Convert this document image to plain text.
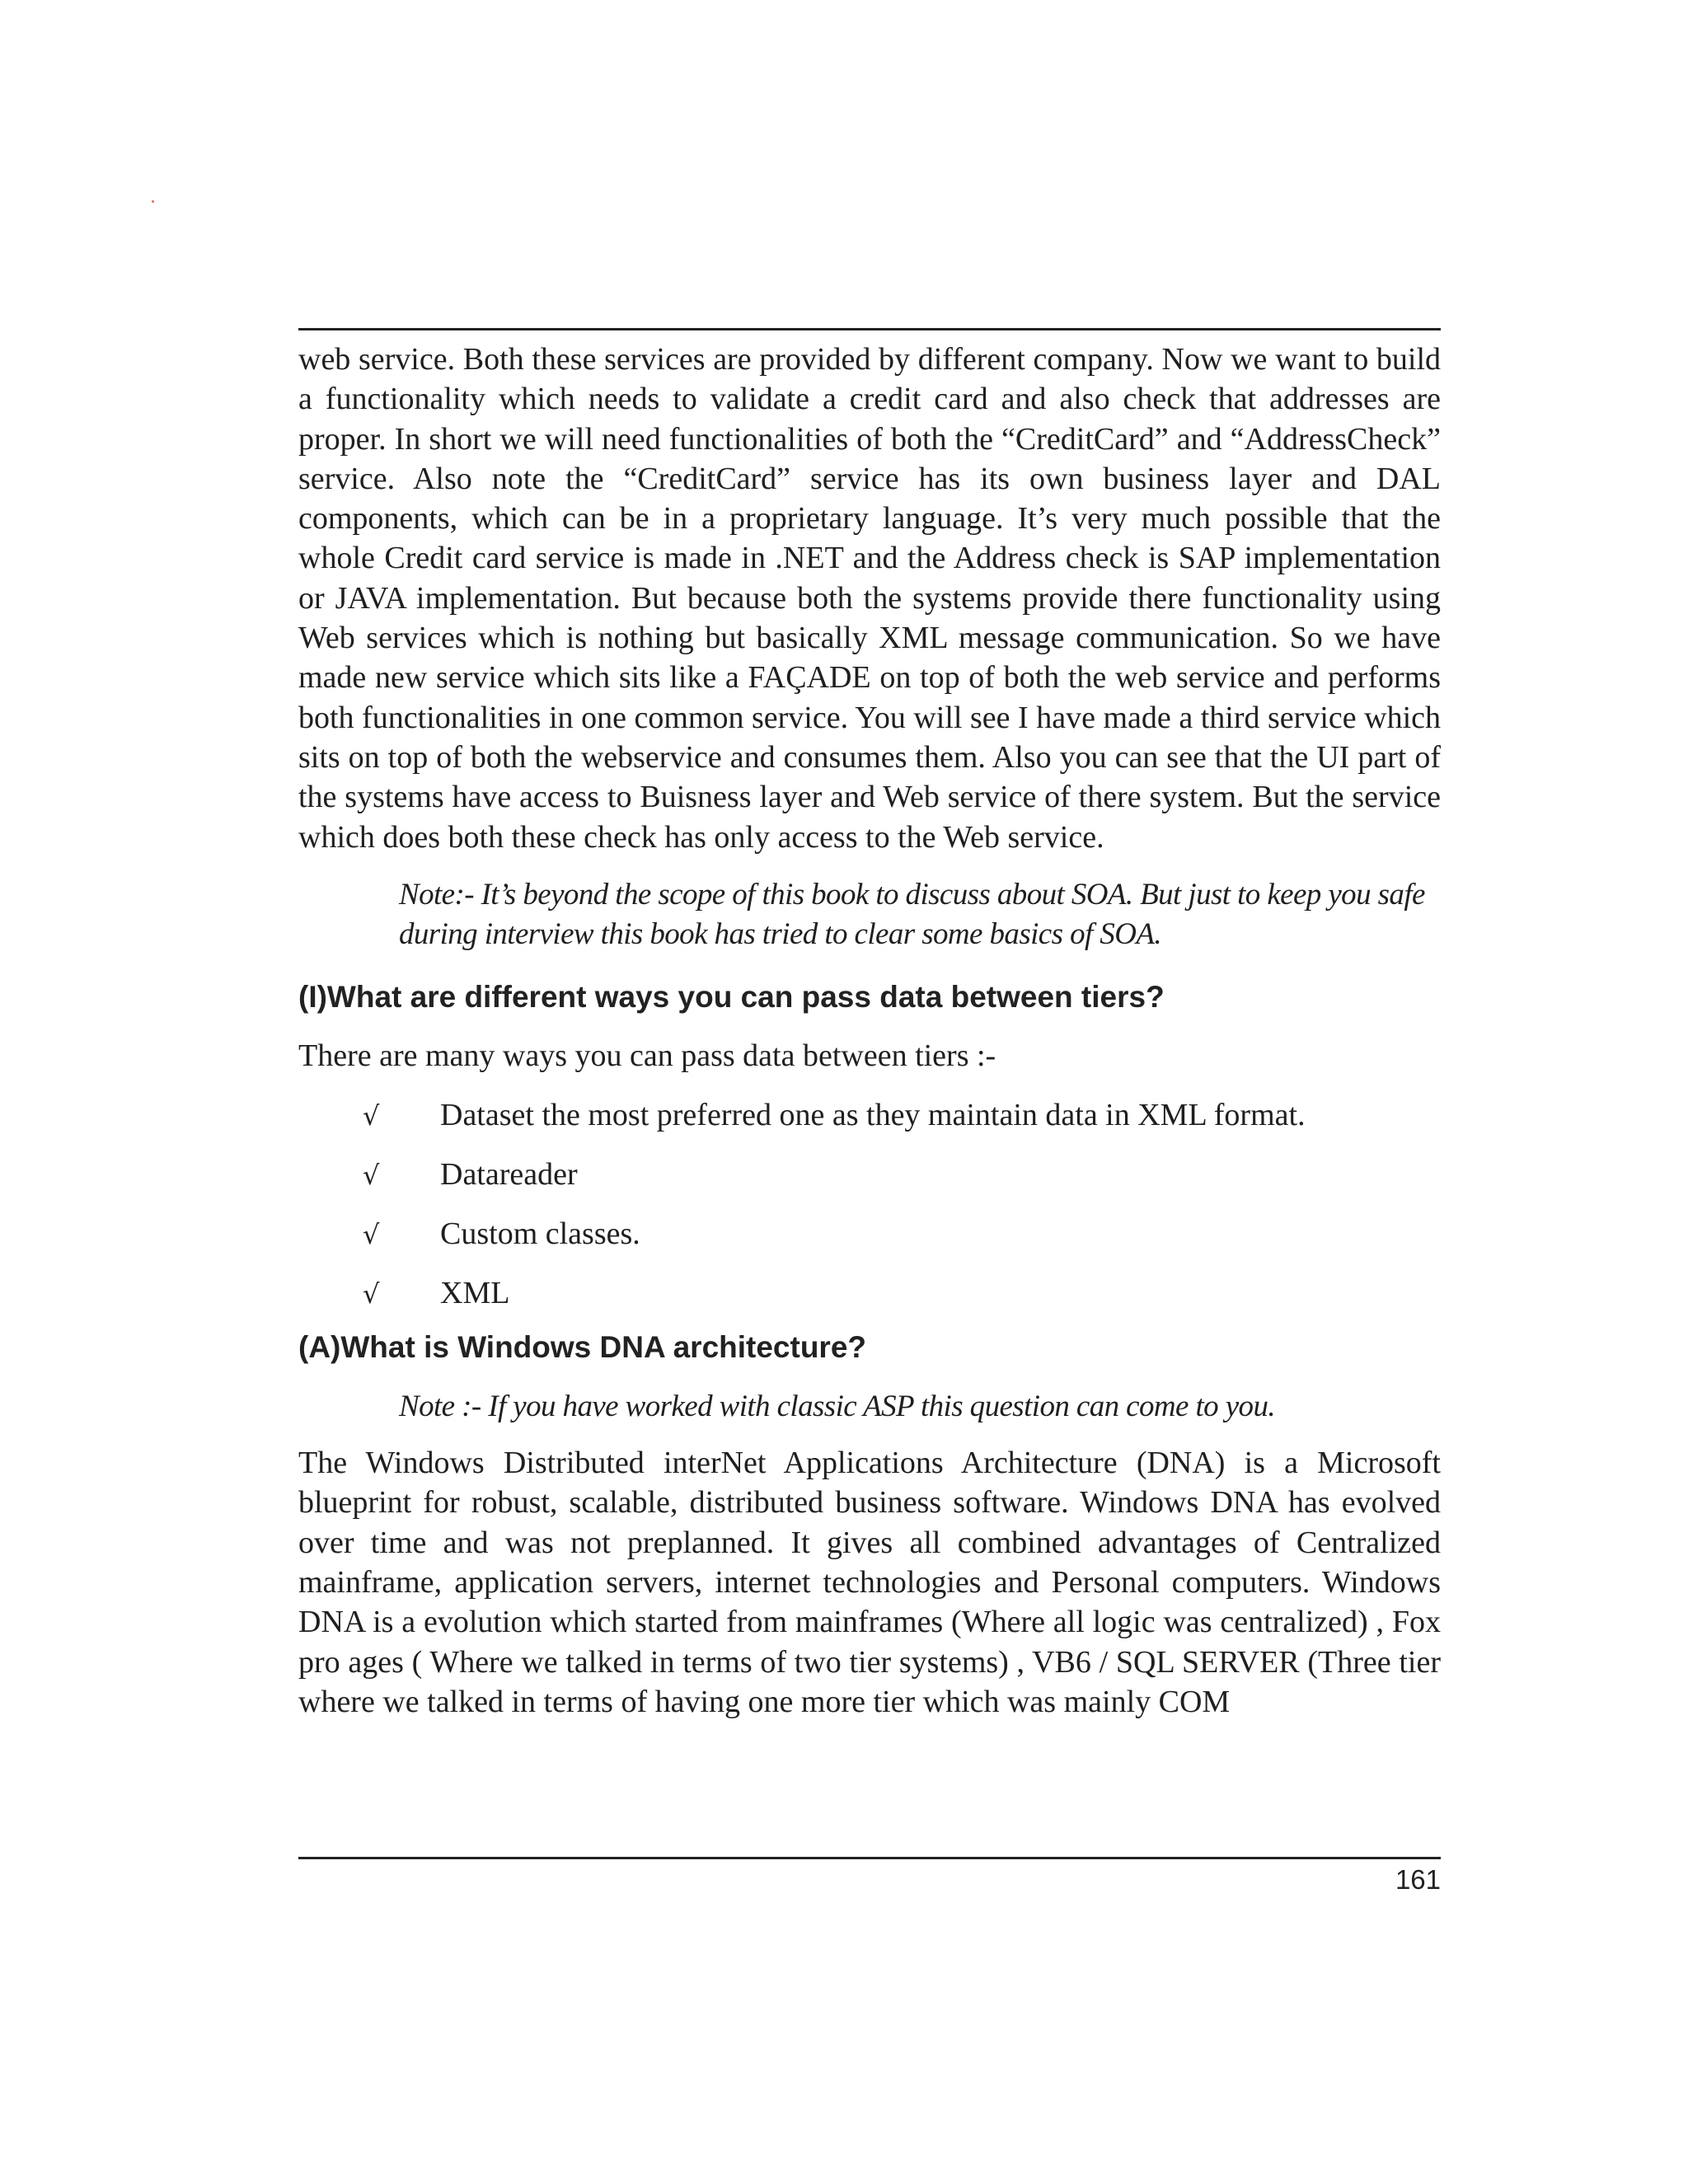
web service. Both these services are provided by different company. Now we want to build a functionality which needs to validate a credit card and also check that addresses are proper. In short we will need functionalities of both the “CreditCard” and “AddressCheck” service. Also note the “CreditCard” service has its own business layer and DAL components, which can be in a proprietary language. It’s very much possible that the whole Credit card service is made in .NET and the Address check is SAP implementation or JAVA implementation. But because both the systems provide there functionality using Web services which is nothing but basically XML message communication. So we have made new service which sits like a FAÇADE on top of both the web service and performs both functionalities in one common service. You will see I have made a third service which sits on top of both the webservice and consumes them. Also you can see that the UI part of the systems have access to Buisness layer and Web service of there system. But the service which does both these check has only access to the Web service.

Note:- It’s beyond the scope of this book to discuss about SOA. But just to keep you safe during interview this book has tried to clear some basics of SOA.

(I)What are different ways you can pass data between tiers?

There are many ways you can pass data between tiers :-

√	Dataset the most preferred one as they maintain data in XML format.
√	Datareader
√	Custom classes.
√	XML
(A)What is Windows DNA architecture?

Note :- If you have worked with classic ASP this question can come to you.

The Windows Distributed interNet Applications Architecture (DNA) is a Microsoft blueprint for robust, scalable, distributed business software. Windows DNA has evolved over time and was not preplanned. It gives all combined advantages of Centralized mainframe, application servers, internet technologies and Personal computers. Windows DNA is a evolution which started from mainframes (Where all logic was centralized) , Fox pro ages ( Where we talked in terms of two tier systems) , VB6 / SQL SERVER (Three tier where we talked in terms of having one more tier which was mainly COM

161
